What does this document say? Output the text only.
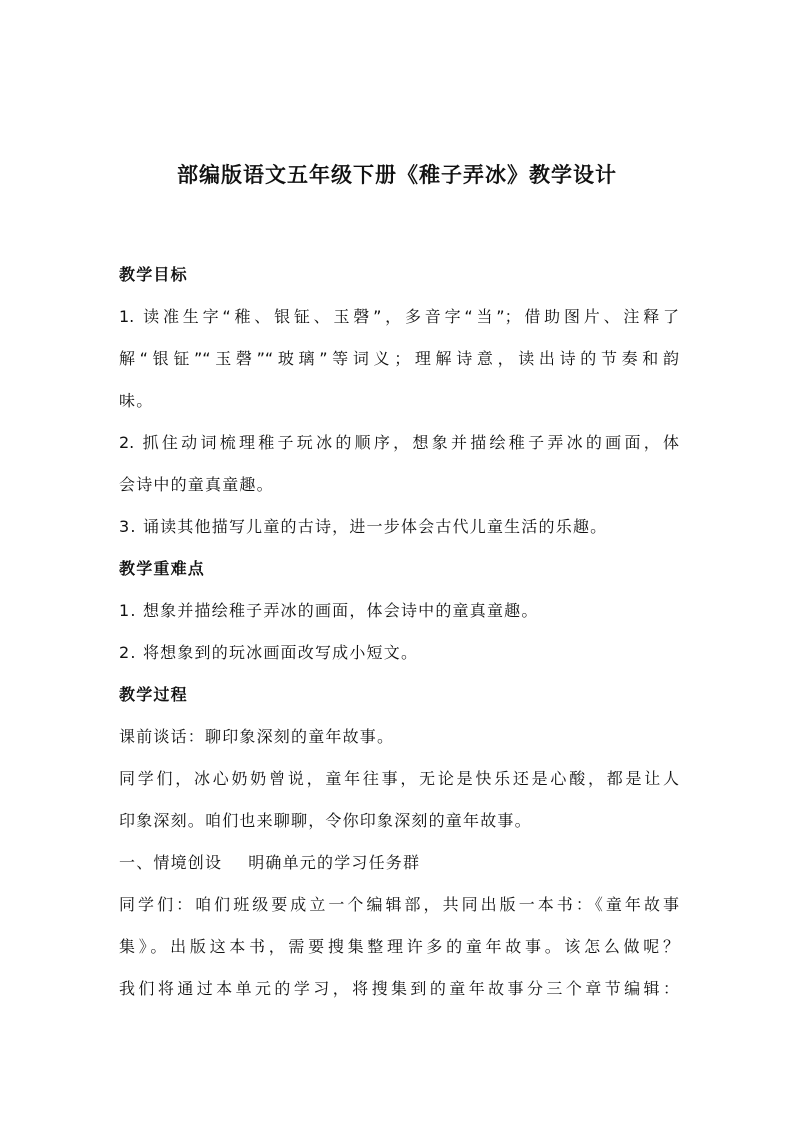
部编版语文五年级下册《稚子弄冰》教学设计
教学目标
1. 读准生字“稚、银钲、玉磬”，多音字“当”；借助图片、注释了
解“银钲”“玉磬”“玻璃”等词义；理解诗意，读出诗的节奏和韵
味。
2. 抓住动词梳理稚子玩冰的顺序，想象并描绘稚子弄冰的画面，体
会诗中的童真童趣。
3. 诵读其他描写儿童的古诗，进一步体会古代儿童生活的乐趣。
教学重难点
1. 想象并描绘稚子弄冰的画面，体会诗中的童真童趣。
2. 将想象到的玩冰画面改写成小短文。
教学过程
课前谈话：聊印象深刻的童年故事。
同学们，冰心奶奶曾说，童年往事，无论是快乐还是心酸，都是让人
印象深刻。咱们也来聊聊，令你印象深刻的童年故事。
一、情境创设 明确单元的学习任务群
同学们：咱们班级要成立一个编辑部，共同出版一本书：《童年故事
集》。出版这本书，需要搜集整理许多的童年故事。该怎么做呢？
我们将通过本单元的学习，将搜集到的童年故事分三个章节编辑：
